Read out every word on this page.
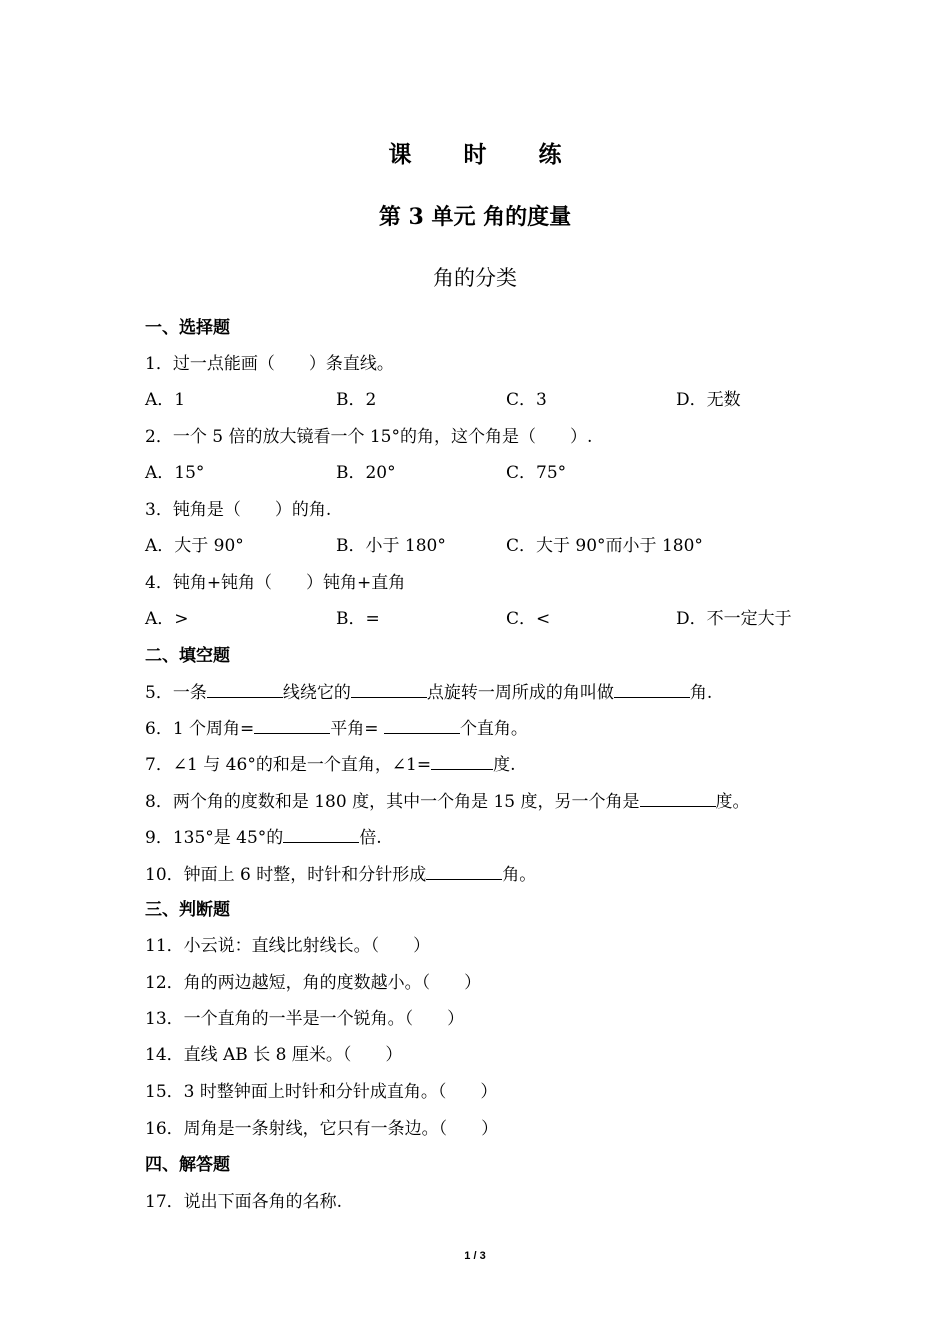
课 时 练
第 3 单元 角的度量
角的分类
一、选择题
1．过一点能画（　　）条直线。
A．1	B．2	C．3	D．无数
2．一个 5 倍的放大镜看一个 15°的角，这个角是（　　）.
A．15°	B．20°	C．75°
3．钝角是（　　）的角.
A．大于 90°	B．小于 180°	C．大于 90°而小于 180°
4．钝角+钝角（　　）钝角+直角
A．>	B．=	C．<	D．不一定大于
二、填空题
5．一条	线绕它的	点旋转一周所成的角叫做	角.
6．1 个周角=	平角=	个直角。
7．∠1 与 46°的和是一个直角，∠1=	度.
8．两个角的度数和是 180 度，其中一个角是 15 度，另一个角是	度。
9．135°是 45°的	倍.
10．钟面上 6 时整，时针和分针形成	角。
三、判断题
11．小云说：直线比射线长。（　　）
12．角的两边越短，角的度数越小。（　　）
13．一个直角的一半是一个锐角。（　　）
14．直线 AB 长 8 厘米。（　　）
15．3 时整钟面上时针和分针成直角。（　　）
16．周角是一条射线，它只有一条边。（　　）
四、解答题
17．说出下面各角的名称.
1 / 3
